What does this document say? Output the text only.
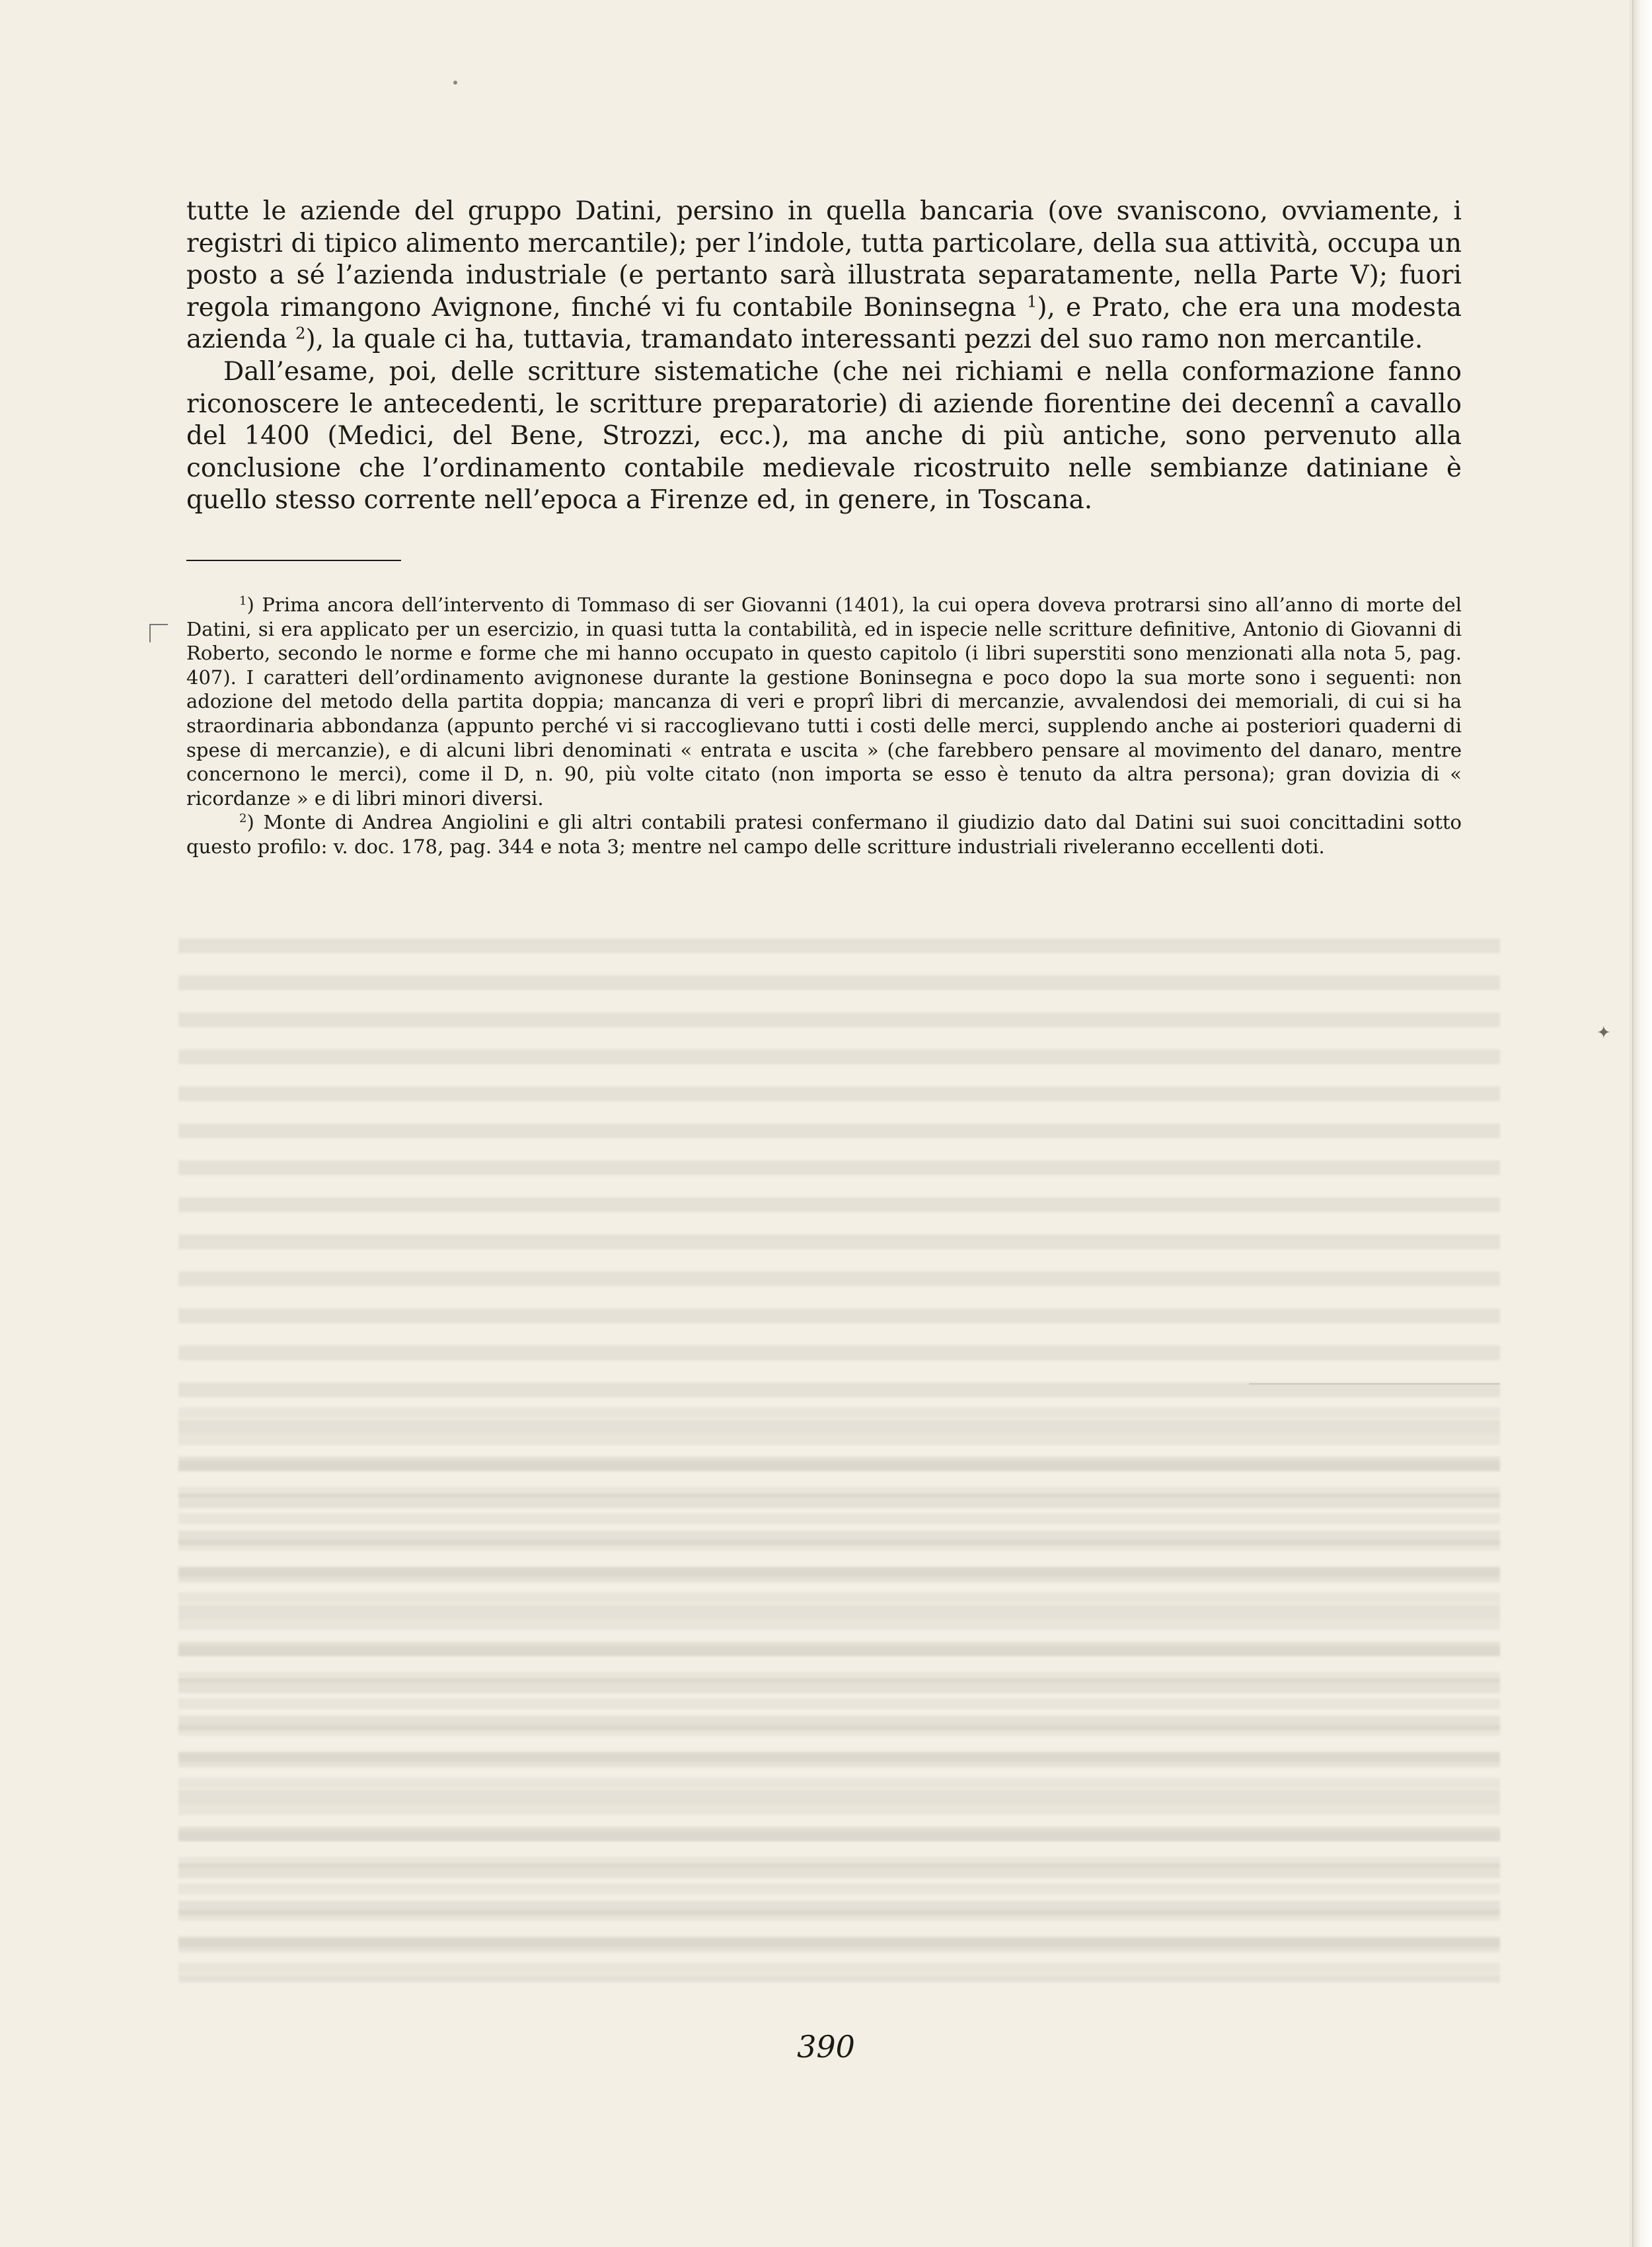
✦

tutte le aziende del gruppo Datini, persino in quella bancaria (ove svaniscono, ovviamente, i registri di tipico alimento mercantile); per l’indole, tutta particolare, della sua attività, occupa un posto a sé l’azienda industriale (e pertanto sarà illustrata separatamente, nella Parte V); fuori regola rimangono Avignone, finché vi fu contabile Boninsegna $^1$), e Prato, che era una modesta azienda $^2$), la quale ci ha, tuttavia, tramandato interessanti pezzi del suo ramo non mercantile.

Dall’esame, poi, delle scritture sistematiche (che nei richiami e nella conformazione fanno riconoscere le antecedenti, le scritture preparatorie) di aziende fiorentine dei decennî a cavallo del 1400 (Medici, del Bene, Strozzi, ecc.), ma anche di più antiche, sono pervenuto alla conclusione che l’ordinamento contabile medievale ricostruito nelle sembianze datiniane è quello stesso corrente nell’epoca a Firenze ed, in genere, in Toscana.

$^1$) Prima ancora dell’intervento di Tommaso di ser Giovanni (1401), la cui opera doveva protrarsi sino all’anno di morte del Datini, si era applicato per un esercizio, in quasi tutta la contabilità, ed in ispecie nelle scritture definitive, Antonio di Giovanni di Roberto, secondo le norme e forme che mi hanno occupato in questo capitolo (i libri superstiti sono menzionati alla nota 5, pag. 407). I caratteri dell’ordinamento avignonese durante la gestione Boninsegna e poco dopo la sua morte sono i seguenti: non adozione del metodo della partita doppia; mancanza di veri e proprî libri di mercanzie, avvalendosi dei memoriali, di cui si ha straordinaria abbondanza (appunto perché vi si raccoglievano tutti i costi delle merci, supplendo anche ai posteriori quaderni di spese di mercanzie), e di alcuni libri denominati « entrata e uscita » (che farebbero pensare al movimento del danaro, mentre concernono le merci), come il D, n. 90, più volte citato (non importa se esso è tenuto da altra persona); gran dovizia di « ricordanze » e di libri minori diversi.

$^2$) Monte di Andrea Angiolini e gli altri contabili pratesi confermano il giudizio dato dal Datini sui suoi concittadini sotto questo profilo: v. doc. 178, pag. 344 e nota 3; mentre nel campo delle scritture industriali riveleranno eccellenti doti.

390
